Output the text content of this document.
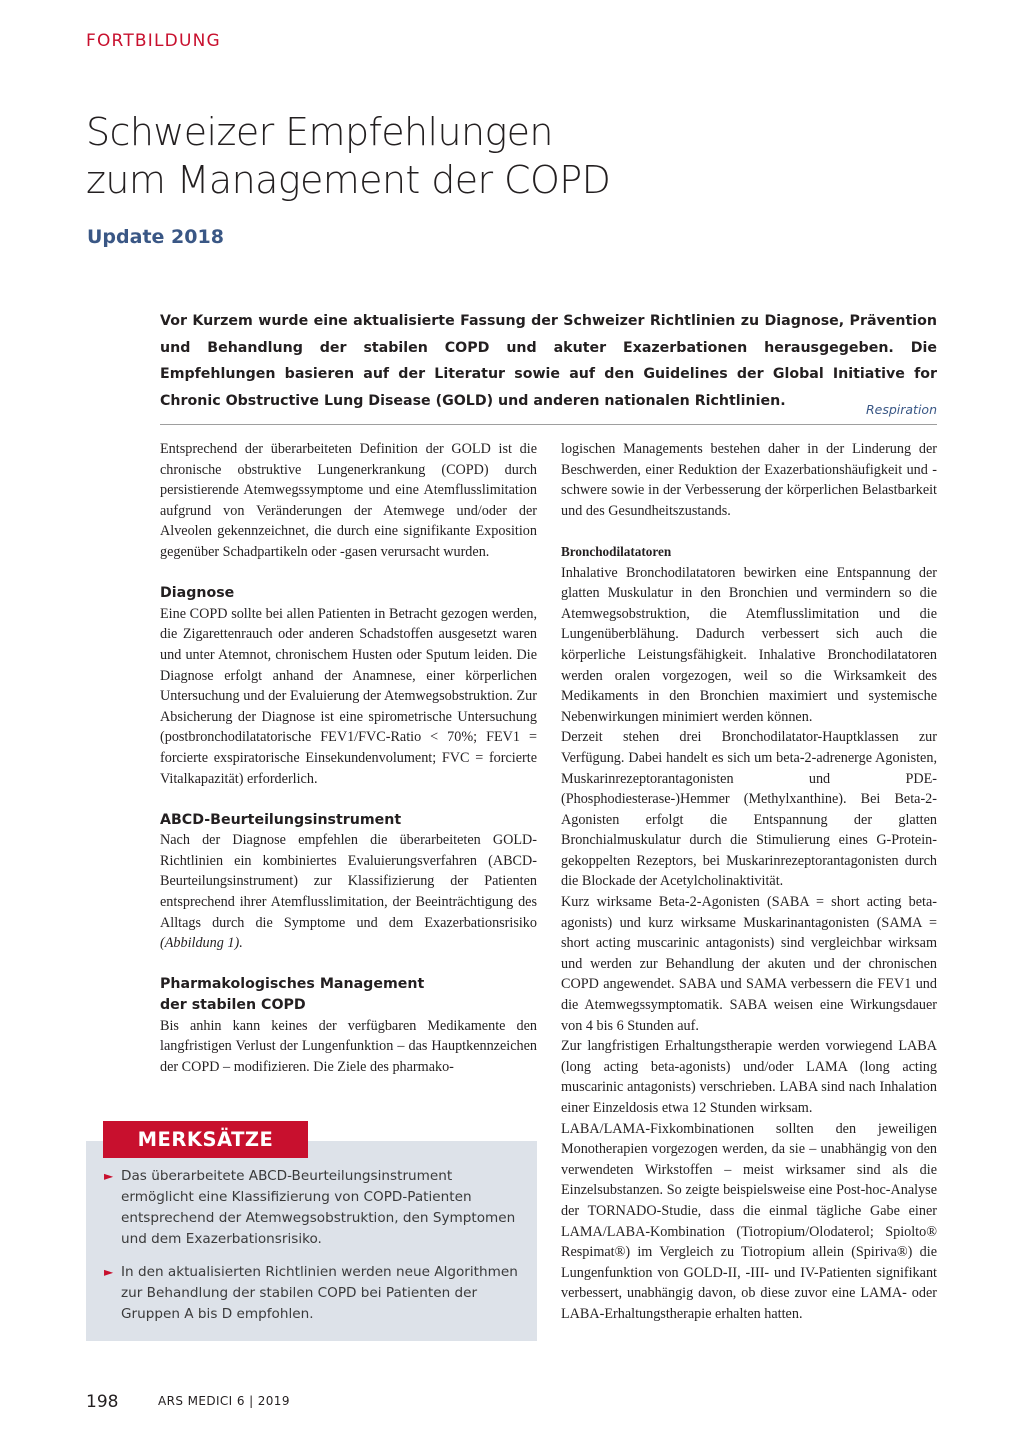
FORTBILDUNG
Schweizer Empfehlungen
zum Management der COPD
Update 2018

Vor Kurzem wurde eine aktualisierte Fassung der Schweizer Richtlinien zu Diagnose, Prävention und Behandlung der stabilen COPD und akuter Exazerbationen herausgegeben. Die Empfehlungen basieren auf der Literatur sowie auf den Guidelines der Global Initiative for Chronic Obstructive Lung Disease (GOLD) und anderen nationalen Richtlinien.

Respiration

Entsprechend der überarbeiteten Definition der GOLD ist die chronische obstruktive Lungenerkrankung (COPD) durch persistierende Atemwegssymptome und eine Atemflusslimitation aufgrund von Veränderungen der Atemwege und/oder der Alveolen gekennzeichnet, die durch eine signifikante Exposition gegenüber Schadpartikeln oder -gasen verursacht wurden.

Diagnose

Eine COPD sollte bei allen Patienten in Betracht gezogen werden, die Zigarettenrauch oder anderen Schadstoffen ausgesetzt waren und unter Atemnot, chronischem Husten oder Sputum leiden. Die Diagnose erfolgt anhand der Anamnese, einer körperlichen Untersuchung und der Evaluierung der Atemwegsobstruktion. Zur Absicherung der Diagnose ist eine spirometrische Untersuchung (postbronchodilatatorische FEV1/FVC-Ratio < 70%; FEV1 = forcierte exspiratorische Einsekundenvolument; FVC = forcierte Vitalkapazität) erforderlich.

ABCD-Beurteilungsinstrument

Nach der Diagnose empfehlen die überarbeiteten GOLD-Richtlinien ein kombiniertes Evaluierungsverfahren (ABCD-Beurteilungsinstrument) zur Klassifizierung der Patienten entsprechend ihrer Atemflusslimitation, der Beeinträchtigung des Alltags durch die Symptome und dem Exazerbationsrisiko (Abbildung 1).

Pharmakologisches Management
der stabilen COPD

Bis anhin kann keines der verfügbaren Medikamente den langfristigen Verlust der Lungenfunktion – das Hauptkennzeichen der COPD – modifizieren. Die Ziele des pharmako-

logischen Managements bestehen daher in der Linderung der Beschwerden, einer Reduktion der Exazerbationshäufigkeit und -schwere sowie in der Verbesserung der körperlichen Belastbarkeit und des Gesundheitszustands.

Bronchodilatatoren

Inhalative Bronchodilatatoren bewirken eine Entspannung der glatten Muskulatur in den Bronchien und vermindern so die Atemwegsobstruktion, die Atemflusslimitation und die Lungenüberblähung. Dadurch verbessert sich auch die körperliche Leistungsfähigkeit. Inhalative Bronchodilatatoren werden oralen vorgezogen, weil so die Wirksamkeit des Medikaments in den Bronchien maximiert und systemische Nebenwirkungen minimiert werden können.

Derzeit stehen drei Bronchodilatator-Hauptklassen zur Verfügung. Dabei handelt es sich um beta-2-adrenerge Agonisten, Muskarinrezeptorantagonisten und PDE-(Phosphodiesterase-)Hemmer (Methylxanthine). Bei Beta-2-Agonisten erfolgt die Entspannung der glatten Bronchialmuskulatur durch die Stimulierung eines G-Protein-gekoppelten Rezeptors, bei Muskarinrezeptorantagonisten durch die Blockade der Acetylcholinaktivität.

Kurz wirksame Beta-2-Agonisten (SABA = short acting beta-agonists) und kurz wirksame Muskarinantagonisten (SAMA = short acting muscarinic antagonists) sind vergleichbar wirksam und werden zur Behandlung der akuten und der chronischen COPD angewendet. SABA und SAMA verbessern die FEV1 und die Atemwegssymptomatik. SABA weisen eine Wirkungsdauer von 4 bis 6 Stunden auf.

Zur langfristigen Erhaltungstherapie werden vorwiegend LABA (long acting beta-agonists) und/oder LAMA (long acting muscarinic antagonists) verschrieben. LABA sind nach Inhalation einer Einzeldosis etwa 12 Stunden wirksam.

LABA/LAMA-Fixkombinationen sollten den jeweiligen Monotherapien vorgezogen werden, da sie – unabhängig von den verwendeten Wirkstoffen – meist wirksamer sind als die Einzelsubstanzen. So zeigte beispielsweise eine Post-hoc-Analyse der TORNADO-Studie, dass die einmal tägliche Gabe einer LAMA/LABA-Kombination (Tiotropium/Olodaterol; Spiolto® Respimat®) im Vergleich zu Tiotropium allein (Spiriva®) die Lungenfunktion von GOLD-II, -III- und IV-Patienten signifikant verbessert, unabhängig davon, ob diese zuvor eine LAMA- oder LABA-Erhaltungstherapie erhalten hatten.

MERKSÄTZE
► Das überarbeitete ABCD-Beurteilungsinstrument ermöglicht eine Klassifizierung von COPD-Patienten entsprechend der Atemwegsobstruktion, den Symptomen und dem Exazerbationsrisiko.
► In den aktualisierten Richtlinien werden neue Algorithmen zur Behandlung der stabilen COPD bei Patienten der Gruppen A bis D empfohlen.
198	ARS MEDICI 6 | 2019
